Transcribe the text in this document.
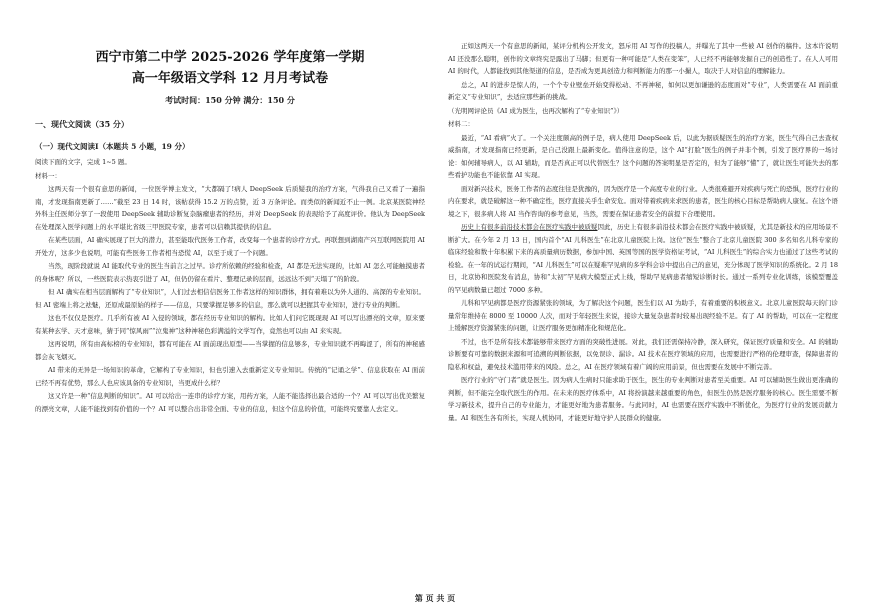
西宁市第二中学 2025-2026 学年度第一学期
高一年级语文学科 12 月月考试卷
考试时间：150 分钟 满分：150 分
一、现代文阅读（35 分）
（一）现代文阅读Ⅰ（本题共 5 小题，19 分）

阅读下面的文字，完成 1~5 题。

材料一：

这两天有一个很有意思的新闻，一位医学博主发文，“大都隔了!病人 DeepSeek 后质疑我的治疗方案，气得我自己又看了一遍指南，才发现指南更新了……”截至 23 日 14 时，该帖获得 15.2 万的点赞，近 3 万条评论。而类似的新闻近不止一例。北京某医院神经外科主任医师分享了一段使用 DeepSeek 辅助诊断复杂脑瘤患者的经历，并对 DeepSeek 的表现给予了高度评价。他认为 DeepSeek 在处理深入医学问题上的水平堪比省级三甲医院专家，患者可以信赖其提供的信息。

在某些层面，AI 确实展现了巨大的潜力，甚至能取代医务工作者，改变每一个患者的诊疗方式。再联想到湖南产兴互联网医院用 AI 开处方，这多少也说明，可能有些医务工作者相当恐慌 AI，以至于成了一个问题。

当然，现阶段就说 AI 能取代专业的医生当前言之过早。诊疗所依赖的经验和检查，AI 都是无法实现的，比如 AI 怎么可能触摸患者的身体呢？所以，一些医院表示热衷引进了 AI，但仍仍留在看片、整理记录的层面，远远达不到“天塌了”的阶段。

但 AI 确实在相当层面解构了“专业知识”，人们过去相信信医务工作者这样的知识群体，拥有着难以为外人道的、高深的专业知识。但 AI 密端上将之祛魅，还原成最原始的样子——信息，只要掌握足够多的信息，那么就可以把握其专业知识，进行专业的判断。

这也不仅仅是医疗。几乎所有被 AI 入侵的领域，都在经历专业知识的解构。比如人们问它既现现 AI 可以写出漂亮的文章，原来要有某种玄学、天才意味，猜于同“惊风雨”“泣鬼神”这种神秘色彩满溢的文学写作，竟然也可以由 AI 来实现。

这再说明，所有由高标榜的专业知识，都有可能在 AI 面前现出原型——当掌握的信息够多，专业知识就不再晦涩了，所有的神秘感都会灰飞烟灭。

AI 带来的无异是一场知识的革命，它解构了专业知识，但也引速入去重新定义专业知识。传统的“记诵之学”、信息获取在 AI 面前已经不再有优势，那么人也应该具备的专业知识，当更成什么样？

这又许是一种“信息判断的知识”。AI 可以给出一连串的诊疗方案，用药方案，人能不能选择出最合适的一个？AI 可以写出优美繁复的漂亮文章，人能不能找到有价值的一个？AI 可以整合出非常全面、专业的信息，但这个信息的价值，可能终究要靠人去定义。

正如这两天一个有意思的新闻，某评分机构公开发文，怒斥用 AI 写作的投稿人，并曝光了其中一些被 AI 创作的稿件。这本许说明 AI 还没那么聪明，创作的文章终究是露出了马脚；但更有一种可能是“人类在变笨”，人已经不再能够发掘自己的创造性了。在人人可用 AI 的时代，人都能找到其他渠道的信息，是否成为更具创造力和判断能力的那一小撮人，取决于人对信息的理解能力。

总之，AI 的进步是惊人的，一个个专业壁垒开始变得松动、不再神秘，如何以更加谦逊的态度面对“专业”，人类需要在 AI 面前重新定义“专业知识”，去适应那些新的挑战。

（光明网评论员《AI 成为医生，也再次解构了“专业知识”》）

材料二：

最近，“AI 看病”火了。一个关注度颇高的例子是，病人使用 DeepSeek 后，以此为据质疑医生的治疗方案，医生气得自己去查权威指南，才发现指南已经更新，是自己没跟上最新变化。值得注意的是，这个 AI“打脸”医生的例子并非个例，引发了医疗界的一场讨论：如何辅导病人，以 AI 辅助，而是否真正可以代替医生？这个问题的答案明显是否定的，但为了能够“懂”了，就让医生可能失去的那些看护功能也不能依靠 AI 实现。

面对新兴技术，医务工作者的态度往往是犹豫的，因为医疗是一个高度专业的行业。人类很难避开对疾病与死亡的恐惧，医疗行业的内在要求，就是破解这一种不确定性，医疗直接关乎生命安危。面对带着疾病来求医的患者，医生的核心目标是帮助病人康复。在这个语境之下，很多病人将 AI 当作咨询的参考意见，当然，需要在保证患者安全的前提下合理使用。

历史上有很多前沿技术都会在医疗实践中被质疑因此，历史上有很多前沿技术都会在医疗实践中被质疑，尤其是新技术的应用场景不断扩大。在今年 2 月 13 日，国内首个“AI 儿科医生”在北京儿童医院上岗。这位“医生”整合了北京儿童医院 300 多名知名儿科专家的临床经验和数十年积累下来的高质量病历数据，参加中国、英国等国的医学资格证考试，“AI 儿科医生”的综合实力也通过了这些考试的检验。在一年的试运行期间，“AI 儿科医生”可以在疑难罕见病的多学科会诊中提出自己的意见，充分体现了医学知识的系统化。2 月 18 日，北京协和医院发布消息，协和“太初”罕见病大模型正式上线，帮助罕见病患者缩短诊断时长。通过一系列专业化训练，该模型覆盖的罕见病数量已超过 7000 多种。

儿科和罕见病都是医疗资源紧张的领域，为了解决这个问题，医生们以 AI 为助手，有着重要的积极意义。北京儿童医院每天的门诊量常年维持在 8000 至 10000 人次，而对于年轻医生来说，接诊大量复杂患者时较易出现经验不足。有了 AI 的帮助，可以在一定程度上缓解医疗资源紧张的问题，让医疗服务更加精准化和规范化。

不过，也不是所有技术都能够带来医疗方面的突破性进展。对此，我们还需保持冷静，深入研究，保证医疗质量和安全。AI 的辅助诊断要有可靠的数据来源和可追溯的判断依据，以免误诊、漏诊。AI 技术在医疗领域的应用，也需要进行严格的伦理审查，保障患者的隐私和权益，避免技术滥用带来的风险。总之，AI 在医疗领域有着广阔的应用前景，但也需要在发展中不断完善。

医疗行业的“守门者”就是医生。因为病人生病时只能求助于医生，医生的专业判断对患者至关重要。AI 可以辅助医生做出更准确的判断，但不能完全取代医生的作用。在未来的医疗体系中，AI 将扮演越来越重要的角色，但医生仍然是医疗服务的核心。医生需要不断学习新技术，提升自己的专业能力，才能更好地为患者服务。与此同时，AI 也需要在医疗实践中不断优化，为医疗行业的发展贡献力量。AI 和医生各有所长，实现人机协同，才能更好地守护人民群众的健康。

第 页 共 页
